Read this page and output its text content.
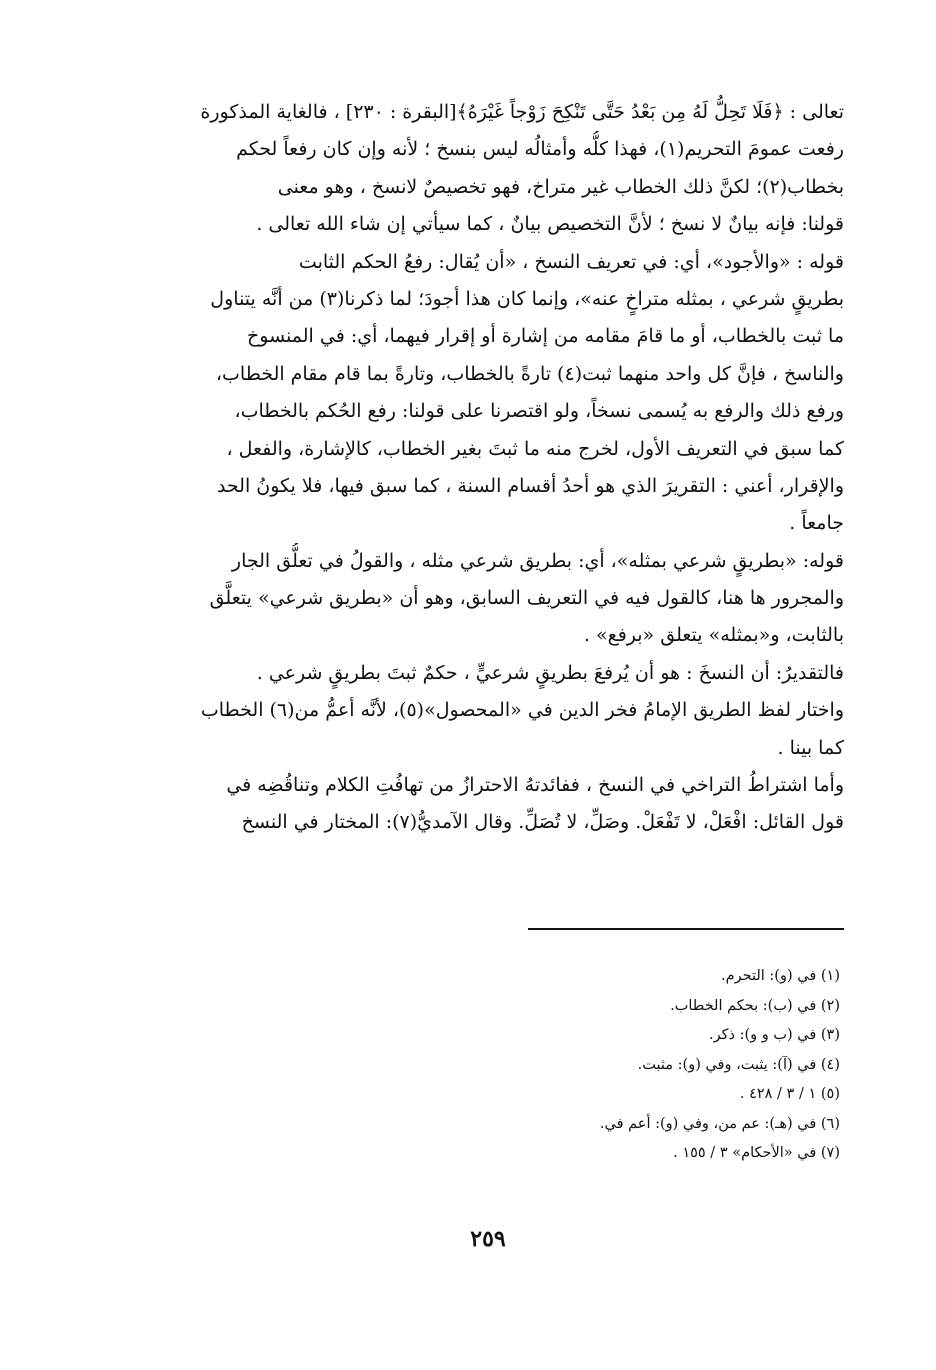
تعالى : ﴿فَلَا تَحِلُّ لَهُ مِن بَعْدُ حَتَّى تَنْكِحَ زَوْجاً غَيْرَهُ﴾[البقرة : ٢٣٠] ، فالغاية المذكورة
رفعت عمومَ التحريم(١)، فهذا كلُّه وأمثالُه ليس بنسخ ؛ لأنه وإن كان رفعاً لحكم
بخطاب(٢)؛ لكنَّ ذلك الخطاب غير متراخ، فهو تخصيصٌ لانسخ ، وهو معنى
قولنا: فإنه بيانٌ لا نسخ ؛ لأنَّ التخصيص بيانٌ ، كما سيأتي إن شاء الله تعالى .
قوله : «والأجود»، أي: في تعريف النسخ ، «أن يُقال: رفعُ الحكم الثابت
بطريقٍ شرعي ، بمثله متراخٍ عنه»، وإنما كان هذا أجودَ؛ لما ذكرنا(٣) من أنَّه يتناول
ما ثبت بالخطاب، أو ما قامَ مقامه من إشارة أو إقرار فيهما، أي: في المنسوخ
والناسخ ، فإنَّ كل واحد منهما ثبت(٤) تارةً بالخطاب، وتارةً بما قام مقام الخطاب،
ورفع ذلك والرفع به يُسمى نسخاً، ولو اقتصرنا على قولنا: رفع الحُكم بالخطاب،
كما سبق في التعريف الأول، لخرج منه ما ثبتَ بغير الخطاب، كالإشارة، والفعل ،
والإقرار، أعني : التقريرَ الذي هو أحدُ أقسام السنة ، كما سبق فيها، فلا يكونُ الحد
جامعاً .
قوله: «بطريقٍ شرعي بمثله»، أي: بطريق شرعي مثله ، والقولُ في تعلُّق الجار
والمجرور ها هنا، كالقول فيه في التعريف السابق، وهو أن «بطريق شرعي» يتعلَّق
بالثابت، و«بمثله» يتعلق «برفع» .
فالتقديرُ: أن النسخَ : هو أن يُرفعَ بطريقٍ شرعيٍّ ، حكمٌ ثبتَ بطريقٍ شرعي .
واختار لفظ الطريق الإمامُ فخر الدين في «المحصول»(٥)، لأنَّه أعمُّ من(٦) الخطاب
كما بينا .
وأما اشتراطُ التراخي في النسخ ، ففائدتهُ الاحترازُ من تهافُتِ الكلام وتناقُضِه في
قول القائل: افْعَلْ، لا تَفْعَلْ. وصَلِّ، لا تُصَلِّ. وقال الآمديُّ(٧): المختار في النسخ
(١) في (و): التحرم.
(٢) في (ب): بحكم الخطاب.
(٣) في (ب و و): ذكر.
(٤) في (آ): يثبت، وفي (و): مثبت.
(٥) ١ / ٣ / ٤٢٨ .
(٦) في (هـ): عم من، وفي (و): أعم في.
(٧) في «الأحكام» ٣ / ١٥٥ .
٢٥٩
